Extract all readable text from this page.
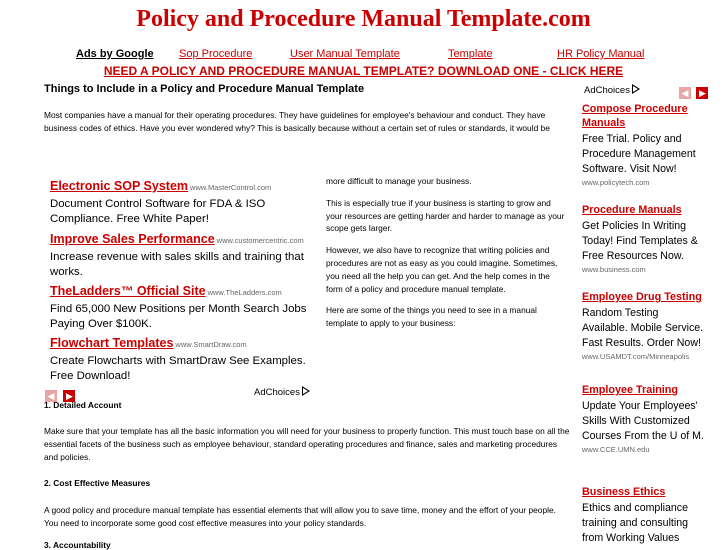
Policy and Procedure Manual Template.com
Ads by Google Sop Procedure	User Manual Template	Template	HR Policy Manual
NEED A POLICY AND PROCEDURE MANUAL TEMPLATE? DOWNLOAD ONE - CLICK HERE
Things to Include in a Policy and Procedure Manual Template
Most companies have a manual for their operating procedures. They have guidelines for employee's behaviour and conduct. They have business codes of ethics. Have you ever wondered why? This is basically because without a certain set of rules or standards, it would be
Electronic SOP System www.MasterControl.com
Document Control Software for FDA & ISO Compliance. Free White Paper!
Improve Sales Performance www.customercentric.com
Increase revenue with sales skills and training that works.
TheLadders™ Official Site www.TheLadders.com
Find 65,000 New Positions per Month Search Jobs Paying Over $100K.
Flowchart Templates www.SmartDraw.com
Create Flowcharts with SmartDraw See Examples. Free Download!
◀ ▶	AdChoices

more difficult to manage your business.

This is especially true if your business is starting to grow and your resources are getting harder and harder to manage as your scope gets larger.

However, we also have to recognize that writing policies and procedures are not as easy as you could imagine. Sometimes, you need all the help you can get. And the help comes in the form of a policy and procedure manual template.

Here are some of the things you need to see in a manual template to apply to your business:

1. Detailed Account
Make sure that your template has all the basic information you will need for your business to properly function. This must touch base on all the essential facets of the business such as employee behaviour, standard operating procedures and finance, sales and marketing procedures and policies.
2. Cost Effective Measures
A good policy and procedure manual template has essential elements that will allow you to save time, money and the effort of your people. You need to incorporate some good cost effective measures into your policy standards.
3. Accountability
AdChoices	◀ ▶
Compose Procedure Manuals
Free Trial. Policy and Procedure Management Software. Visit Now!
www.policytech.com
Procedure Manuals
Get Policies In Writing Today! Find Templates & Free Resources Now.
www.business.com
Employee Drug Testing
Random Testing Available. Mobile Service. Fast Results. Order Now!
www.USAMDT.com/Minneapolis
Employee Training
Update Your Employees' Skills With Customized Courses From the U of M.
www.CCE.UMN.edu
Business Ethics
Ethics and compliance training and consulting from Working Values
